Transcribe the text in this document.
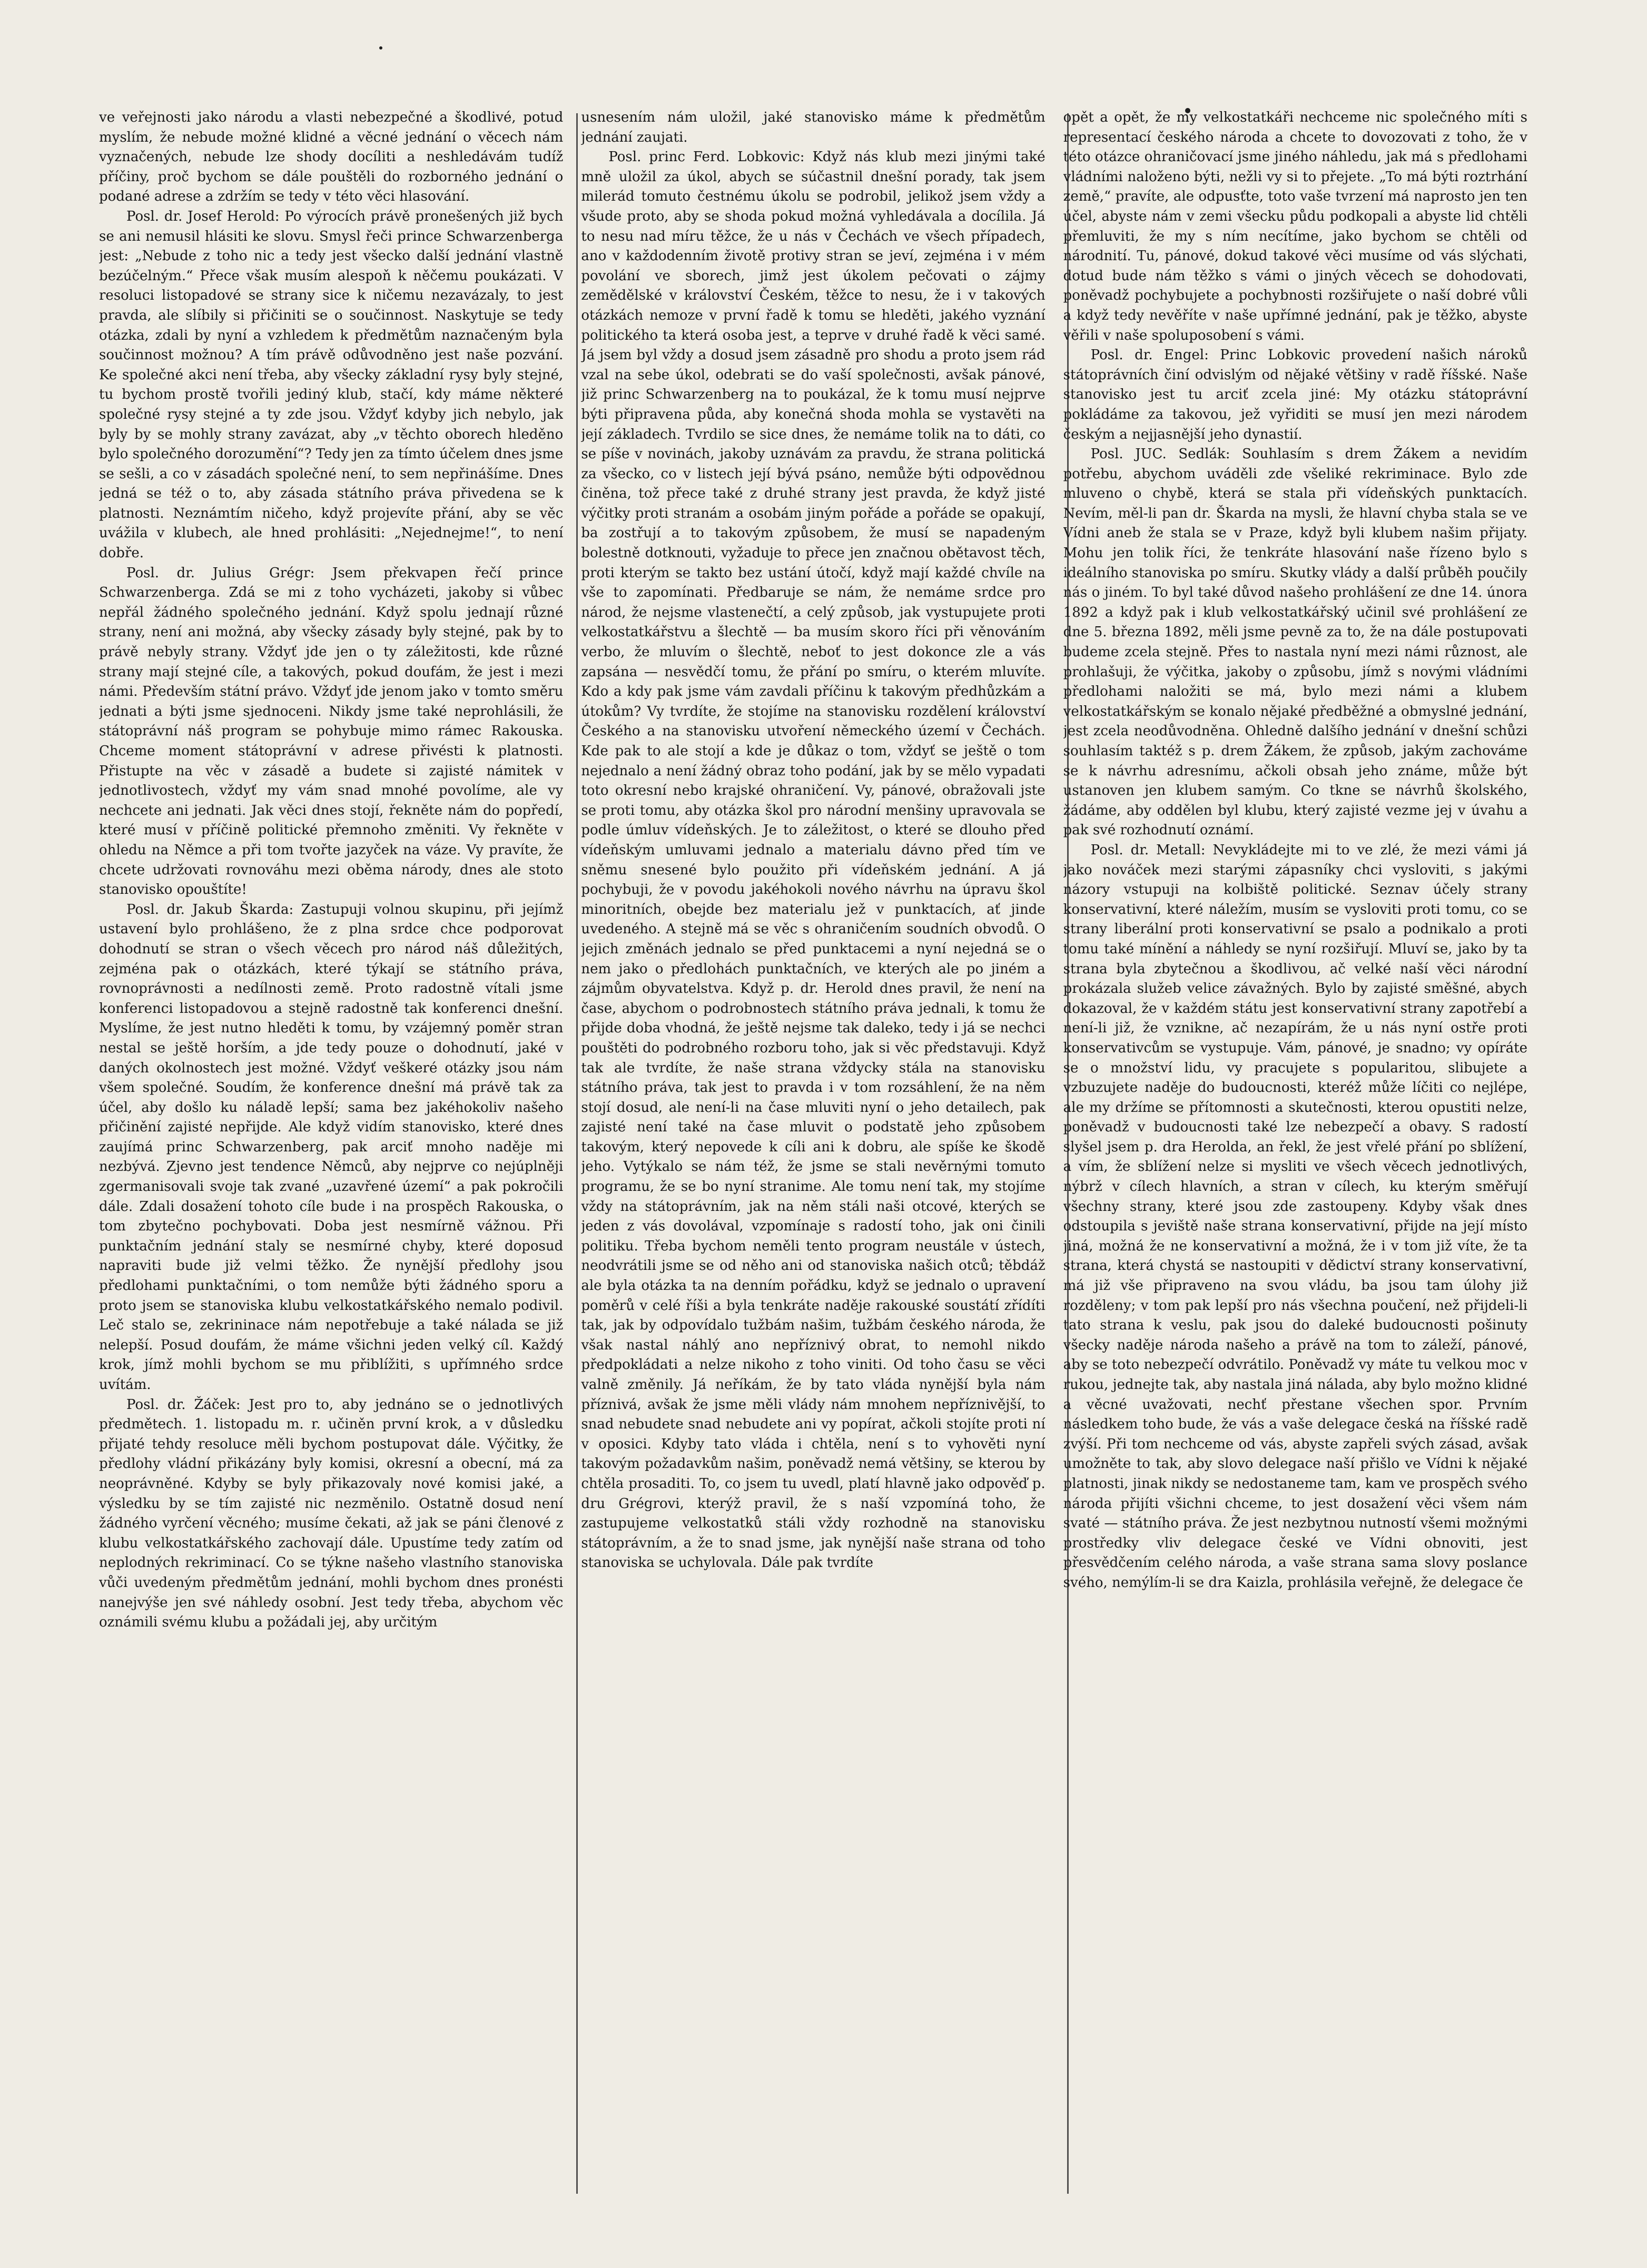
ve veřejnosti jako národu a vlasti nebezpečné a škodlivé, potud myslím, že nebude možné klidné a věcné jednání o věcech nám vyznačených, nebude lze shody docíliti a neshledávám tudíž příčiny, proč bychom se dále pouštěli do rozborného jednání o podané adrese a zdržím se tedy v této věci hlasování.

Posl. dr. Josef Herold: Po výrocích právě pronešených již bych se ani nemusil hlásiti ke slovu. Smysl řeči prince Schwarzenberga jest: „Nebude z toho nic a tedy jest všecko další jednání vlastně bezúčelným.“ Přece však musím alespoň k něčemu poukázati. V resoluci listopadové se strany sice k ničemu nezavázaly, to jest pravda, ale slíbily si přičiniti se o součinnost. Naskytuje se tedy otázka, zdali by nyní a vzhledem k předmětům naznačeným byla součinnost možnou? A tím právě odůvodněno jest naše pozvání. Ke společné akci není třeba, aby všecky základní rysy byly stejné, tu bychom prostě tvořili jediný klub, stačí, kdy máme některé společné rysy stejné a ty zde jsou. Vždyť kdyby jich nebylo, jak byly by se mohly strany zavázat, aby „v těchto oborech hleděno bylo společného dorozumění“? Tedy jen za tímto účelem dnes jsme se sešli, a co v zásadách společné není, to sem nepřinášíme. Dnes jedná se též o to, aby zásada státního práva přivedena se k platnosti. Neznámtím ničeho, když projevíte přání, aby se věc uvážila v klubech, ale hned prohlásiti: „Nejednejme!“, to není dobře.

Posl. dr. Julius Grégr: Jsem překvapen řečí prince Schwarzenberga. Zdá se mi z toho vycházeti, jakoby si vůbec nepřál žádného společného jednání. Když spolu jednají různé strany, není ani možná, aby všecky zásady byly stejné, pak by to právě nebyly strany. Vždyť jde jen o ty záležitosti, kde různé strany mají stejné cíle, a takových, pokud doufám, že jest i mezi námi. Především státní právo. Vždyť jde jenom jako v tomto směru jednati a býti jsme sjednoceni. Nikdy jsme také neprohlásili, že státoprávní náš program se pohybuje mimo rámec Rakouska. Chceme moment státoprávní v adrese přivésti k platnosti. Přistupte na věc v zásadě a budete si zajisté námitek v jednotlivostech, vždyť my vám snad mnohé povolíme, ale vy nechcete ani jednati. Jak věci dnes stojí, řekněte nám do popředí, které musí v příčině politické přemnoho změniti. Vy řekněte v ohledu na Němce a při tom tvořte jazyček na váze. Vy pravíte, že chcete udržovati rovnováhu mezi oběma národy, dnes ale stoto stanovisko opouštíte!

Posl. dr. Jakub Škarda: Zastupuji volnou skupinu, při jejímž ustavení bylo prohlášeno, že z plna srdce chce podporovat dohodnutí se stran o všech věcech pro národ náš důležitých, zejména pak o otázkách, které týkají se státního práva, rovnoprávnosti a nedílnosti země. Proto radostně vítali jsme konferenci listopadovou a stejně radostně tak konferenci dnešní. Myslíme, že jest nutno hleděti k tomu, by vzájemný poměr stran nestal se ještě horším, a jde tedy pouze o dohodnutí, jaké v daných okolnostech jest možné. Vždyť veškeré otázky jsou nám všem společné. Soudím, že konference dnešní má právě tak za účel, aby došlo ku náladě lepší; sama bez jakéhokoliv našeho přičinění zajisté nepřijde. Ale když vidím stanovisko, které dnes zaujímá princ Schwarzenberg, pak arciť mnoho naděje mi nezbývá. Zjevno jest tendence Němců, aby nejprve co nejúplněji zgermanisovali svoje tak zvané „uzavřené území“ a pak pokročili dále. Zdali dosažení tohoto cíle bude i na prospěch Rakouska, o tom zbytečno pochybovati. Doba jest nesmírně vážnou. Při punktačním jednání staly se nesmírné chyby, které doposud napraviti bude již velmi těžko. Že nynější předlohy jsou předlohami punktačními, o tom nemůže býti žádného sporu a proto jsem se stanoviska klubu velkostatkářského nemalo podivil. Leč stalo se, zekrininace nám nepotřebuje a také nálada se již nelepší. Posud doufám, že máme všichni jeden velký cíl. Každý krok, jímž mohli bychom se mu přiblížiti, s upřímného srdce uvítám.

Posl. dr. Žáček: Jest pro to, aby jednáno se o jednotlivých předmětech. 1. listopadu m. r. učiněn první krok, a v důsledku přijaté tehdy resoluce měli bychom postupovat dále. Výčitky, že předlohy vládní přikázány byly komisi, okresní a obecní, má za neoprávněné. Kdyby se byly přikazovaly nové komisi jaké, a výsledku by se tím zajisté nic nezměnilo. Ostatně dosud není žádného vyrčení věcného; musíme čekati, až jak se páni členové z klubu velkostatkářského zachovají dále. Upustíme tedy zatím od neplodných rekriminací. Co se týkne našeho vlastního stanoviska vůči uvedeným předmětům jednání, mohli bychom dnes pronésti nanejvýše jen své náhledy osobní. Jest tedy třeba, abychom věc oznámili svému klubu a požádali jej, aby určitým

usnesením nám uložil, jaké stanovisko máme k předmětům jednání zaujati.

Posl. princ Ferd. Lobkovic: Když nás klub mezi jinými také mně uložil za úkol, abych se súčastnil dnešní porady, tak jsem milerád tomuto čestnému úkolu se podrobil, jelikož jsem vždy a všude proto, aby se shoda pokud možná vyhledávala a docílila. Já to nesu nad míru těžce, že u nás v Čechách ve všech případech, ano v každodenním životě protivy stran se jeví, zejména i v mém povolání ve sborech, jimž jest úkolem pečovati o zájmy zemědělské v království Českém, těžce to nesu, že i v takových otázkách nemoze v první řadě k tomu se hleděti, jakého vyznání politického ta která osoba jest, a teprve v druhé řadě k věci samé. Já jsem byl vždy a dosud jsem zásadně pro shodu a proto jsem rád vzal na sebe úkol, odebrati se do vaší společnosti, avšak pánové, již princ Schwarzenberg na to poukázal, že k tomu musí nejprve býti připravena půda, aby konečná shoda mohla se vystavěti na její základech. Tvrdilo se sice dnes, že nemáme tolik na to dáti, co se píše v novinách, jakoby uznávám za pravdu, že strana politická za všecko, co v listech její bývá psáno, nemůže býti odpovědnou činěna, tož přece také z druhé strany jest pravda, že když jisté výčitky proti stranám a osobám jiným pořáde a pořáde se opakují, ba zostřují a to takovým způsobem, že musí se napadeným bolestně dotknouti, vyžaduje to přece jen značnou obětavost těch, proti kterým se takto bez ustání útočí, když mají každé chvíle na vše to zapomínati. Předbaruje se nám, že nemáme srdce pro národ, že nejsme vlastenečtí, a celý způsob, jak vystupujete proti velkostatkářstvu a šlechtě — ba musím skoro říci při věnováním verbo, že mluvím o šlechtě, neboť to jest dokonce zle a vás zapsána — nesvědčí tomu, že přání po smíru, o kterém mluvíte. Kdo a kdy pak jsme vám zavdali příčinu k takovým předhůzkám a útokům? Vy tvrdíte, že stojíme na stanovisku rozdělení království Českého a na stanovisku utvoření německého území v Čechách. Kde pak to ale stojí a kde je důkaz o tom, vždyť se ještě o tom nejednalo a není žádný obraz toho podání, jak by se mělo vypadati toto okresní nebo krajské ohraničení. Vy, pánové, obražovali jste se proti tomu, aby otázka škol pro národní menšiny upravovala se podle úmluv vídeňských. Je to záležitost, o které se dlouho před vídeňským umluvami jednalo a materialu dávno před tím ve sněmu snesené bylo použito při vídeňském jednání. A já pochybuji, že v povodu jakéhokoli nového návrhu na úpravu škol minoritních, obejde bez materialu jež v punktacích, ať jinde uvedeného. A stejně má se věc s ohraničením soudních obvodů. O jejich změnách jednalo se před punktacemi a nyní nejedná se o nem jako o předlohách punktačních, ve kterých ale po jiném a zájmům obyvatelstva. Když p. dr. Herold dnes pravil, že není na čase, abychom o podrobnostech státního práva jednali, k tomu že přijde doba vhodná, že ještě nejsme tak daleko, tedy i já se nechci pouštěti do podrobného rozboru toho, jak si věc představuji. Když tak ale tvrdíte, že naše strana vždycky stála na stanovisku státního práva, tak jest to pravda i v tom rozsáhlení, že na něm stojí dosud, ale není-li na čase mluviti nyní o jeho detailech, pak zajisté není také na čase mluvit o podstatě jeho způsobem takovým, který nepovede k cíli ani k dobru, ale spíše ke škodě jeho. Vytýkalo se nám též, že jsme se stali nevěrnými tomuto programu, že se bo nyní stranime. Ale tomu není tak, my stojíme vždy na státoprávním, jak na něm stáli naši otcové, kterých se jeden z vás dovolával, vzpomínaje s radostí toho, jak oni činili politiku. Třeba bychom neměli tento program neustále v ústech, neodvrátili jsme se od něho ani od stanoviska našich otců; těbdáž ale byla otázka ta na denním pořádku, když se jednalo o upravení poměrů v celé říši a byla tenkráte naděje rakouské soustátí zřídíti tak, jak by odpovídalo tužbám našim, tužbám českého národa, že však nastal náhlý ano nepříznivý obrat, to nemohl nikdo předpokládati a nelze nikoho z toho viniti. Od toho času se věci valně změnily. Já neříkám, že by tato vláda nynější byla nám příznivá, avšak že jsme měli vlády nám mnohem nepříznivější, to snad nebudete snad nebudete ani vy popírat, ačkoli stojíte proti ní v oposici. Kdyby tato vláda i chtěla, není s to vyhověti nyní takovým požadavkům našim, poněvadž nemá většiny, se kterou by chtěla prosaditi. To, co jsem tu uvedl, platí hlavně jako odpověď p. dru Grégrovi, kterýž pravil, že s naší vzpomíná toho, že zastupujeme velkostatků stáli vždy rozhodně na stanovisku státoprávním, a že to snad jsme, jak nynější naše strana od toho stanoviska se uchylovala. Dále pak tvrdíte

opět a opět, že my velkostatkáři nechceme nic společného míti s representací českého národa a chcete to dovozovati z toho, že v této otázce ohraničovací jsme jiného náhledu, jak má s předlohami vládními naloženo býti, nežli vy si to přejete. „To má býti roztrhání země,“ pravíte, ale odpusťte, toto vaše tvrzení má naprosto jen ten účel, abyste nám v zemi všecku půdu podkopali a abyste lid chtěli přemluviti, že my s ním necítíme, jako bychom se chtěli od národnití. Tu, pánové, dokud takové věci musíme od vás slýchati, dotud bude nám těžko s vámi o jiných věcech se dohodovati, poněvadž pochybujete a pochybnosti rozšiřujete o naší dobré vůli a když tedy nevěříte v naše upřímné jednání, pak je těžko, abyste věřili v naše spoluposobení s vámi.

Posl. dr. Engel: Princ Lobkovic provedení našich nároků státoprávních činí odvislým od nějaké většiny v radě říšské. Naše stanovisko jest tu arciť zcela jiné: My otázku státoprávní pokládáme za takovou, jež vyřiditi se musí jen mezi národem českým a nejjasnější jeho dynastií.

Posl. JUC. Sedlák: Souhlasím s drem Žákem a nevidím potřebu, abychom uváděli zde všeliké rekriminace. Bylo zde mluveno o chybě, která se stala při vídeňských punktacích. Nevím, měl-li pan dr. Škarda na mysli, že hlavní chyba stala se ve Vídni aneb že stala se v Praze, když byli klubem našim přijaty. Mohu jen tolik říci, že tenkráte hlasování naše řízeno bylo s ideálního stanoviska po smíru. Skutky vlády a další průběh poučily nás o jiném. To byl také důvod našeho prohlášení ze dne 14. února 1892 a když pak i klub velkostatkářský učinil své prohlášení ze dne 5. března 1892, měli jsme pevně za to, že na dále postupovati budeme zcela stejně. Přes to nastala nyní mezi námi různost, ale prohlašuji, že výčitka, jakoby o způsobu, jímž s novými vládními předlohami naložiti se má, bylo mezi námi a klubem velkostatkářským se konalo nějaké předběžné a obmyslné jednání, jest zcela neodůvodněna. Ohledně dalšího jednání v dnešní schůzi souhlasím taktéž s p. drem Žákem, že způsob, jakým zachováme se k návrhu adresnímu, ačkoli obsah jeho známe, může být ustanoven jen klubem samým. Co tkne se návrhů školského, žádáme, aby oddělen byl klubu, který zajisté vezme jej v úvahu a pak své rozhodnutí oznámí.

Posl. dr. Metall: Nevykládejte mi to ve zlé, že mezi vámi já jako nováček mezi starými zápasníky chci vysloviti, s jakými názory vstupuji na kolbiště politické. Seznav účely strany konservativní, které náležím, musím se vysloviti proti tomu, co se strany liberální proti konservativní se psalo a podnikalo a proti tomu také mínění a náhledy se nyní rozšiřují. Mluví se, jako by ta strana byla zbytečnou a škodlivou, ač velké naší věci národní prokázala služeb velice závažných. Bylo by zajisté směšné, abych dokazoval, že v každém státu jest konservativní strany zapotřebí a není-li již, že vznikne, ač nezapírám, že u nás nyní ostře proti konservativcům se vystupuje. Vám, pánové, je snadno; vy opíráte se o množství lidu, vy pracujete s popularitou, slibujete a vzbuzujete naděje do budoucnosti, kteréž může líčiti co nejlépe, ale my držíme se přítomnosti a skutečnosti, kterou opustiti nelze, poněvadž v budoucnosti také lze nebezpečí a obavy. S radostí slyšel jsem p. dra Herolda, an řekl, že jest vřelé přání po sblížení, a vím, že sblížení nelze si mysliti ve všech věcech jednotlivých, nýbrž v cílech hlavních, a stran v cílech, ku kterým směřují všechny strany, které jsou zde zastoupeny. Kdyby však dnes odstoupila s jeviště naše strana konservativní, přijde na její místo jiná, možná že ne konservativní a možná, že i v tom již víte, že ta strana, která chystá se nastoupiti v dědictví strany konservativní, má již vše připraveno na svou vládu, ba jsou tam úlohy již rozděleny; v tom pak lepší pro nás všechna poučení, než přijdeli-li tato strana k veslu, pak jsou do daleké budoucnosti pošinuty všecky naděje národa našeho a právě na tom to záleží, pánové, aby se toto nebezpečí odvrátilo. Poněvadž vy máte tu velkou moc v rukou, jednejte tak, aby nastala jiná nálada, aby bylo možno klidné a věcné uvažovati, nechť přestane všechen spor. Prvním následkem toho bude, že vás a vaše delegace česká na říšské radě zvýší. Při tom nechceme od vás, abyste zapřeli svých zásad, avšak umožněte to tak, aby slovo delegace naší přišlo ve Vídni k nějaké platnosti, jinak nikdy se nedostaneme tam, kam ve prospěch svého národa přijíti všichni chceme, to jest dosažení věci všem nám svaté — státního práva. Že jest nezbytnou nutností všemi možnými prostředky vliv delegace české ve Vídni obnoviti, jest přesvědčením celého národa, a vaše strana sama slovy poslance svého, nemýlím-li se dra Kaizla, prohlásila veřejně, že delegace če
